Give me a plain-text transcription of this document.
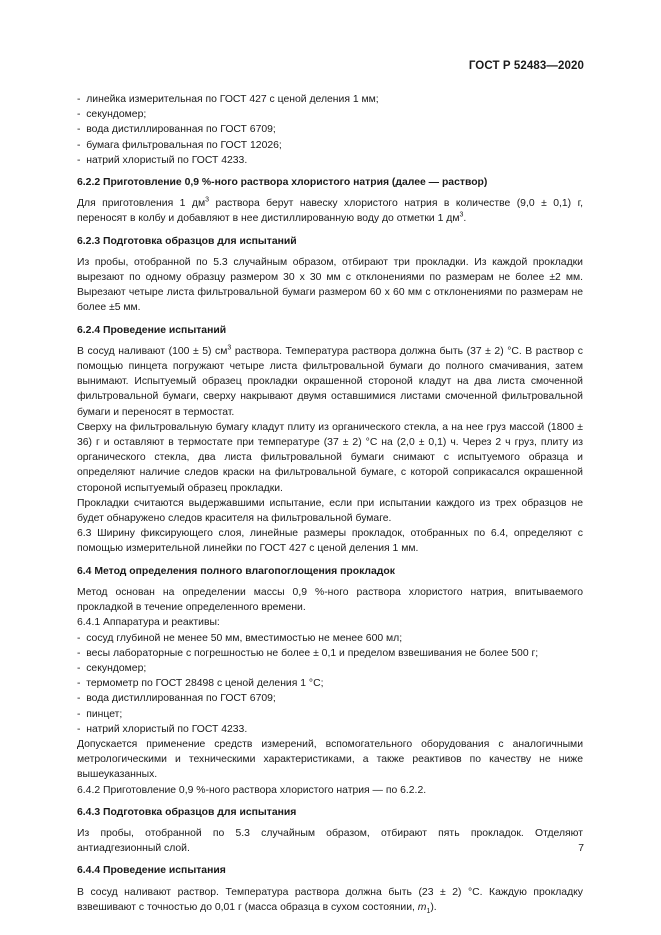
ГОСТ Р 52483—2020
-  линейка измерительная по ГОСТ 427 с ценой деления 1 мм;
-  секундомер;
-  вода дистиллированная по ГОСТ 6709;
-  бумага фильтровальная по ГОСТ 12026;
-  натрий хлористый по ГОСТ 4233.

6.2.2 Приготовление 0,9 %-ного раствора хлористого натрия (далее — раствор)

Для приготовления 1 $дм^3$ раствора берут навеску хлористого натрия в количестве (9,0 ± 0,1) г, переносят в колбу и добавляют в нее дистиллированную воду до отметки 1 $дм^3$.

6.2.3 Подготовка образцов для испытаний

Из пробы, отобранной по 5.3 случайным образом, отбирают три прокладки. Из каждой прокладки вырезают по одному образцу размером 30 х 30 мм с отклонениями по размерам не более ±2 мм. Вырезают четыре листа фильтровальной бумаги размером 60 х 60 мм с отклонениями по размерам не более ±5 мм.

6.2.4 Проведение испытаний

В сосуд наливают (100 ± 5) $см^3$ раствора. Температура раствора должна быть (37 ± 2) °С. В раствор с помощью пинцета погружают четыре листа фильтровальной бумаги до полного смачивания, затем вынимают. Испытуемый образец прокладки окрашенной стороной кладут на два листа смоченной фильтровальной бумаги, сверху накрывают двумя оставшимися листами смоченной фильтровальной бумаги и переносят в термостат.

Сверху на фильтровальную бумагу кладут плиту из органического стекла, а на нее груз массой (1800 ± 36) г и оставляют в термостате при температуре (37 ± 2) °С на (2,0 ± 0,1) ч. Через 2 ч груз, плиту из органического стекла, два листа фильтровальной бумаги снимают с испытуемого образца и определяют наличие следов краски на фильтровальной бумаге, с которой соприкасался окрашенной стороной испытуемый образец прокладки.

Прокладки считаются выдержавшими испытание, если при испытании каждого из трех образцов не будет обнаружено следов красителя на фильтровальной бумаге.

6.3 Ширину фиксирующего слоя, линейные размеры прокладок, отобранных по 6.4, определяют с помощью измерительной линейки по ГОСТ 427 с ценой деления 1 мм.

6.4 Метод определения полного влагопоглощения прокладок

Метод основан на определении массы 0,9 %-ного раствора хлористого натрия, впитываемого прокладкой в течение определенного времени.

6.4.1 Аппаратура и реактивы:

-  сосуд глубиной не менее 50 мм, вместимостью не менее 600 мл;
-  весы лабораторные с погрешностью не более ± 0,1 и пределом взвешивания не более 500 г;
-  секундомер;
-  термометр по ГОСТ 28498 с ценой деления 1 °С;
-  вода дистиллированная по ГОСТ 6709;
-  пинцет;
-  натрий хлористый по ГОСТ 4233.

Допускается применение средств измерений, вспомогательного оборудования с аналогичными метрологическими и техническими характеристиками, а также реактивов по качеству не ниже вышеуказанных.

6.4.2 Приготовление 0,9 %-ного раствора хлористого натрия — по 6.2.2.

6.4.3 Подготовка образцов для испытания

Из пробы, отобранной по 5.3 случайным образом, отбирают пять прокладок. Отделяют антиадгезионный слой.

6.4.4 Проведение испытания

В сосуд наливают раствор. Температура раствора должна быть (23 ± 2) °С. Каждую прокладку взвешивают с точностью до 0,01 г (масса образца в сухом состоянии, $m_1$).

7
